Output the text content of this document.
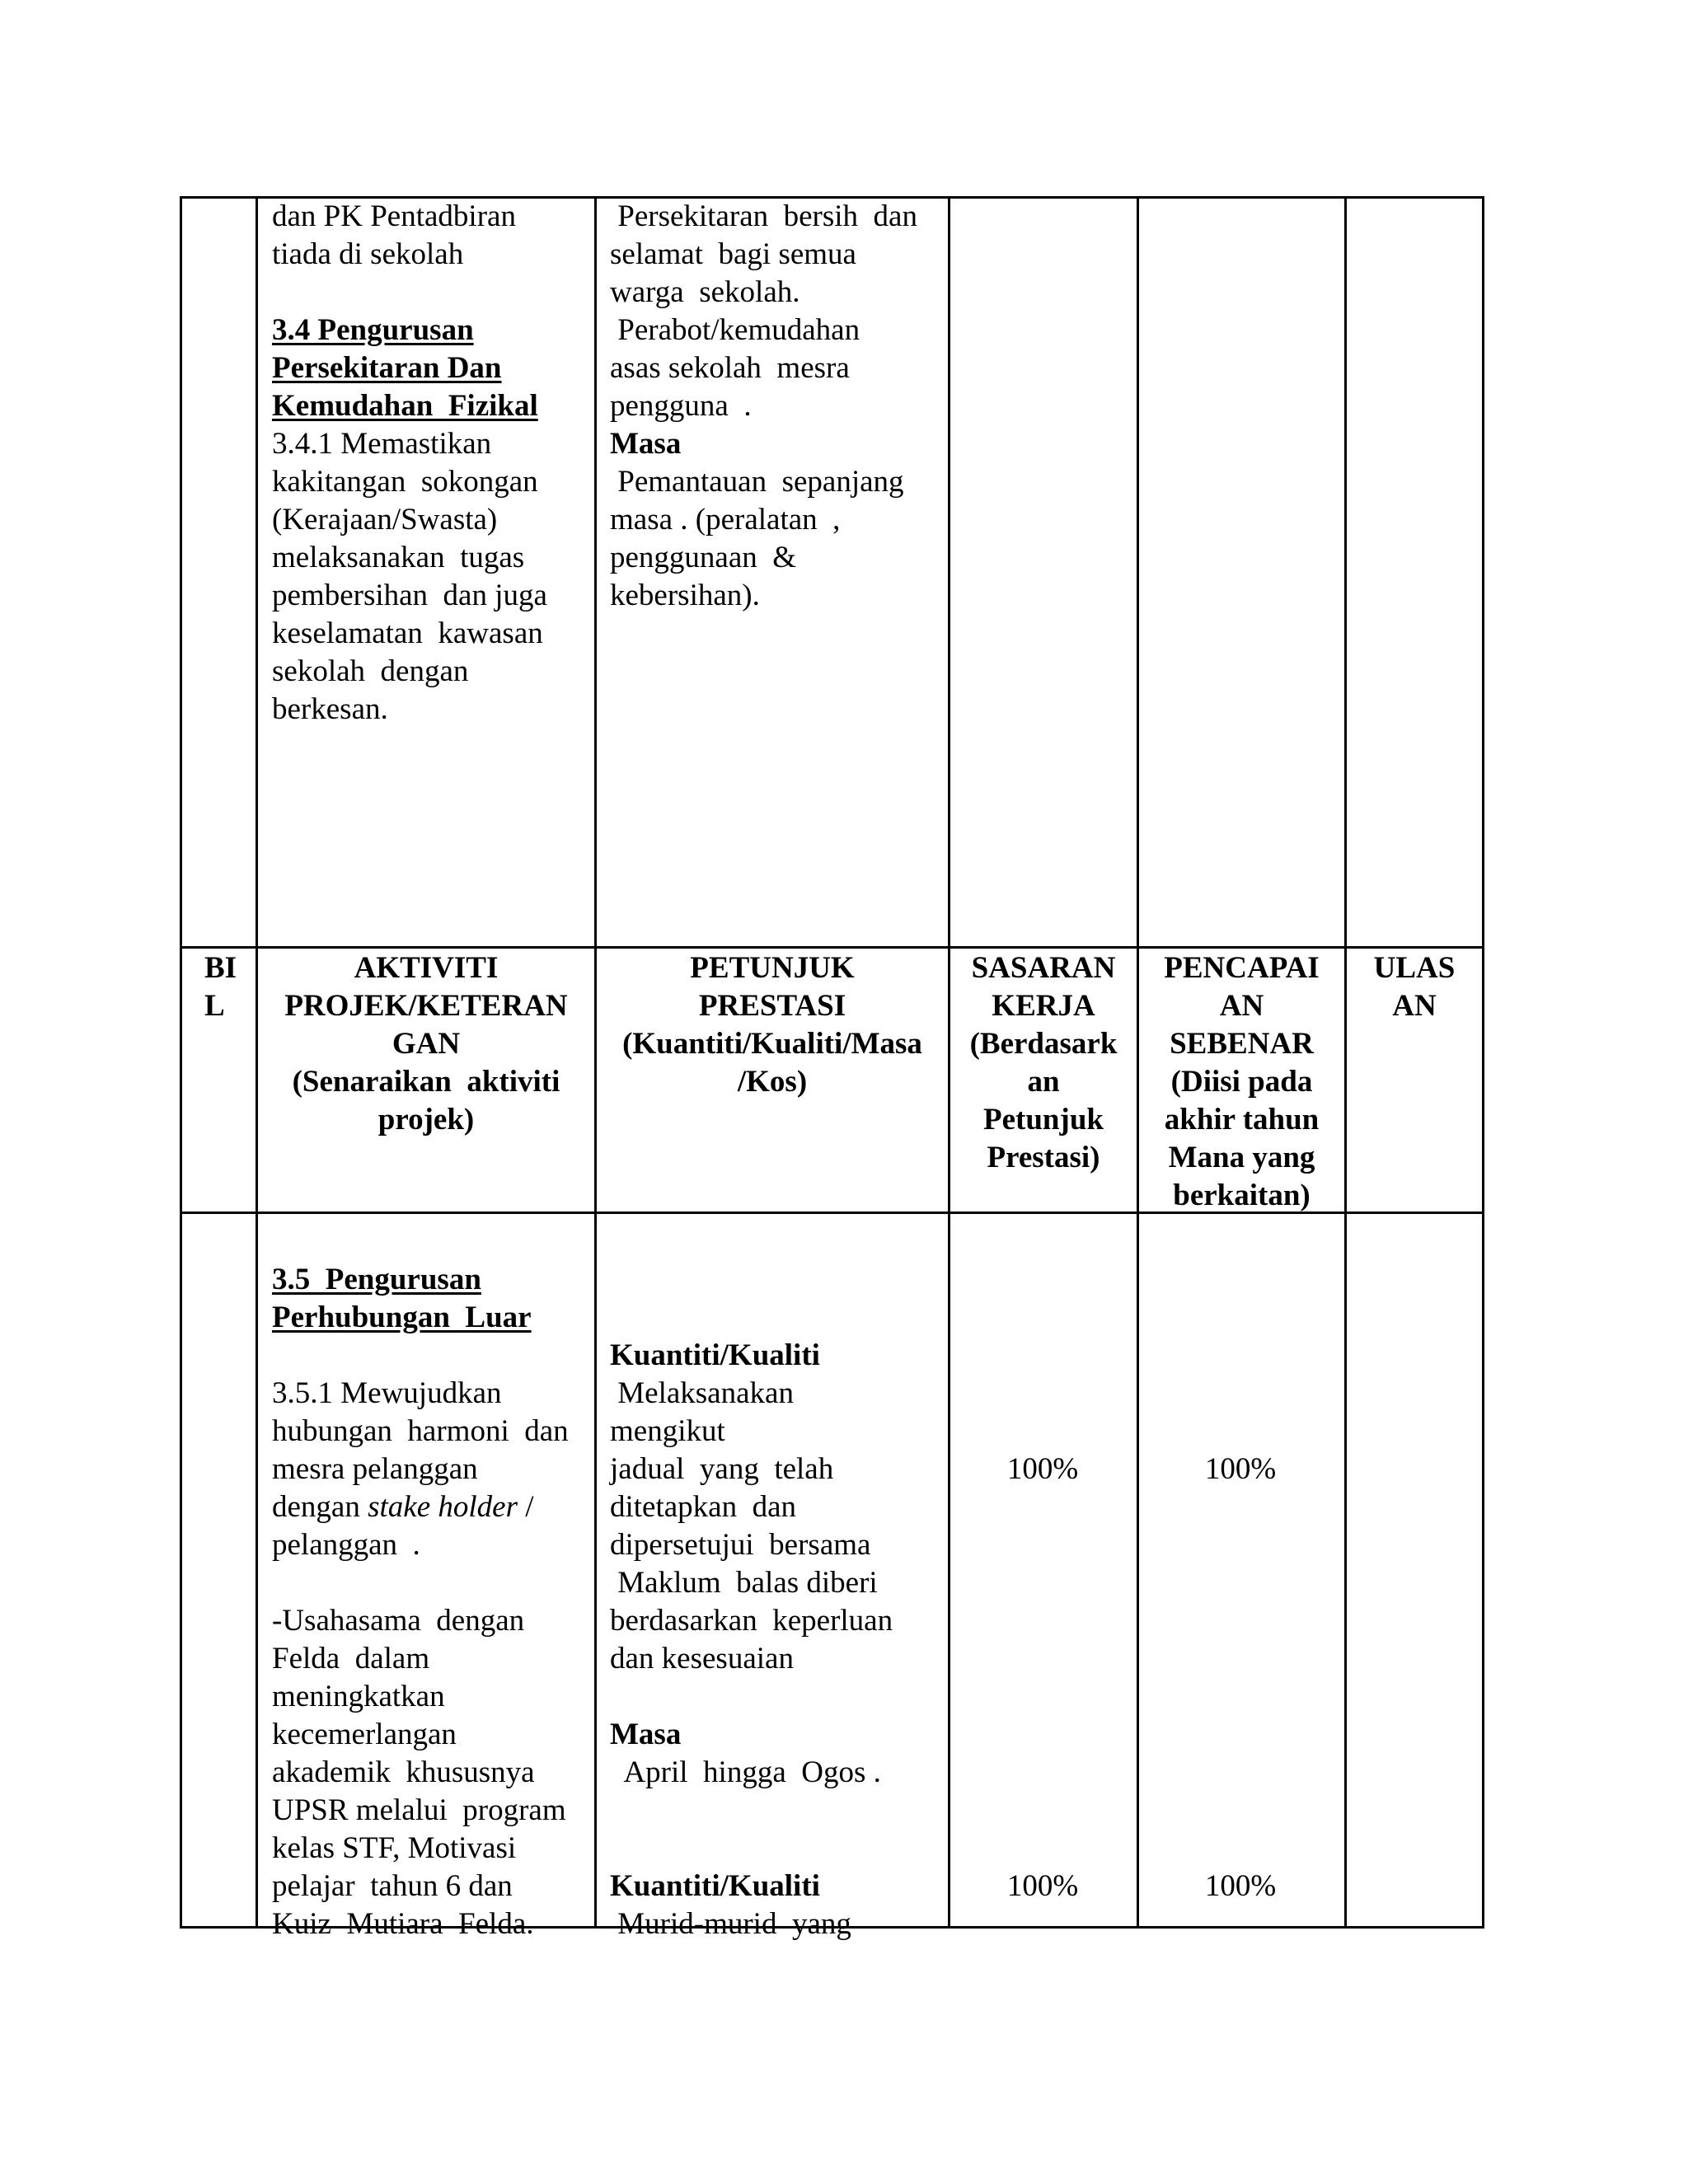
dan PK Pentadbiran

tiada di sekolah

3.4 Pengurusan

Persekitaran Dan

Kemudahan  Fizikal

3.4.1 Memastikan

kakitangan  sokongan

(Kerajaan/Swasta)

melaksanakan  tugas

pembersihan  dan juga

keselamatan  kawasan

sekolah  dengan

berkesan.

Persekitaran  bersih  dan

selamat  bagi semua

warga  sekolah.

Perabot/kemudahan

asas sekolah  mesra

pengguna  .

Masa

Pemantauan  sepanjang

masa . (peralatan  ,

penggunaan  &

kebersihan).

BI

L

AKTIVITI

PROJEK/KETERAN

GAN

(Senaraikan  aktiviti

projek)

PETUNJUK

PRESTASI

(Kuantiti/Kualiti/Masa

/Kos)

SASARAN

KERJA

(Berdasark

an

Petunjuk

Prestasi)

PENCAPAI

AN

SEBENAR

(Diisi pada

akhir tahun

Mana yang

berkaitan)

ULAS

AN

3.5  Pengurusan

Perhubungan  Luar

3.5.1 Mewujudkan

hubungan  harmoni  dan

mesra pelanggan

dengan stake holder /

pelanggan  .

-Usahasama  dengan

Felda  dalam

meningkatkan

kecemerlangan

akademik  khususnya

UPSR melalui  program

kelas STF, Motivasi

pelajar  tahun 6 dan

Kuiz  Mutiara  Felda.

Kuantiti/Kualiti

Melaksanakan

mengikut

jadual  yang  telah

ditetapkan  dan

dipersetujui  bersama

Maklum  balas diberi

berdasarkan  keperluan

dan kesesuaian

Masa

April  hingga  Ogos .

Kuantiti/Kualiti

Murid-murid  yang

100%	100%
100%	100%
